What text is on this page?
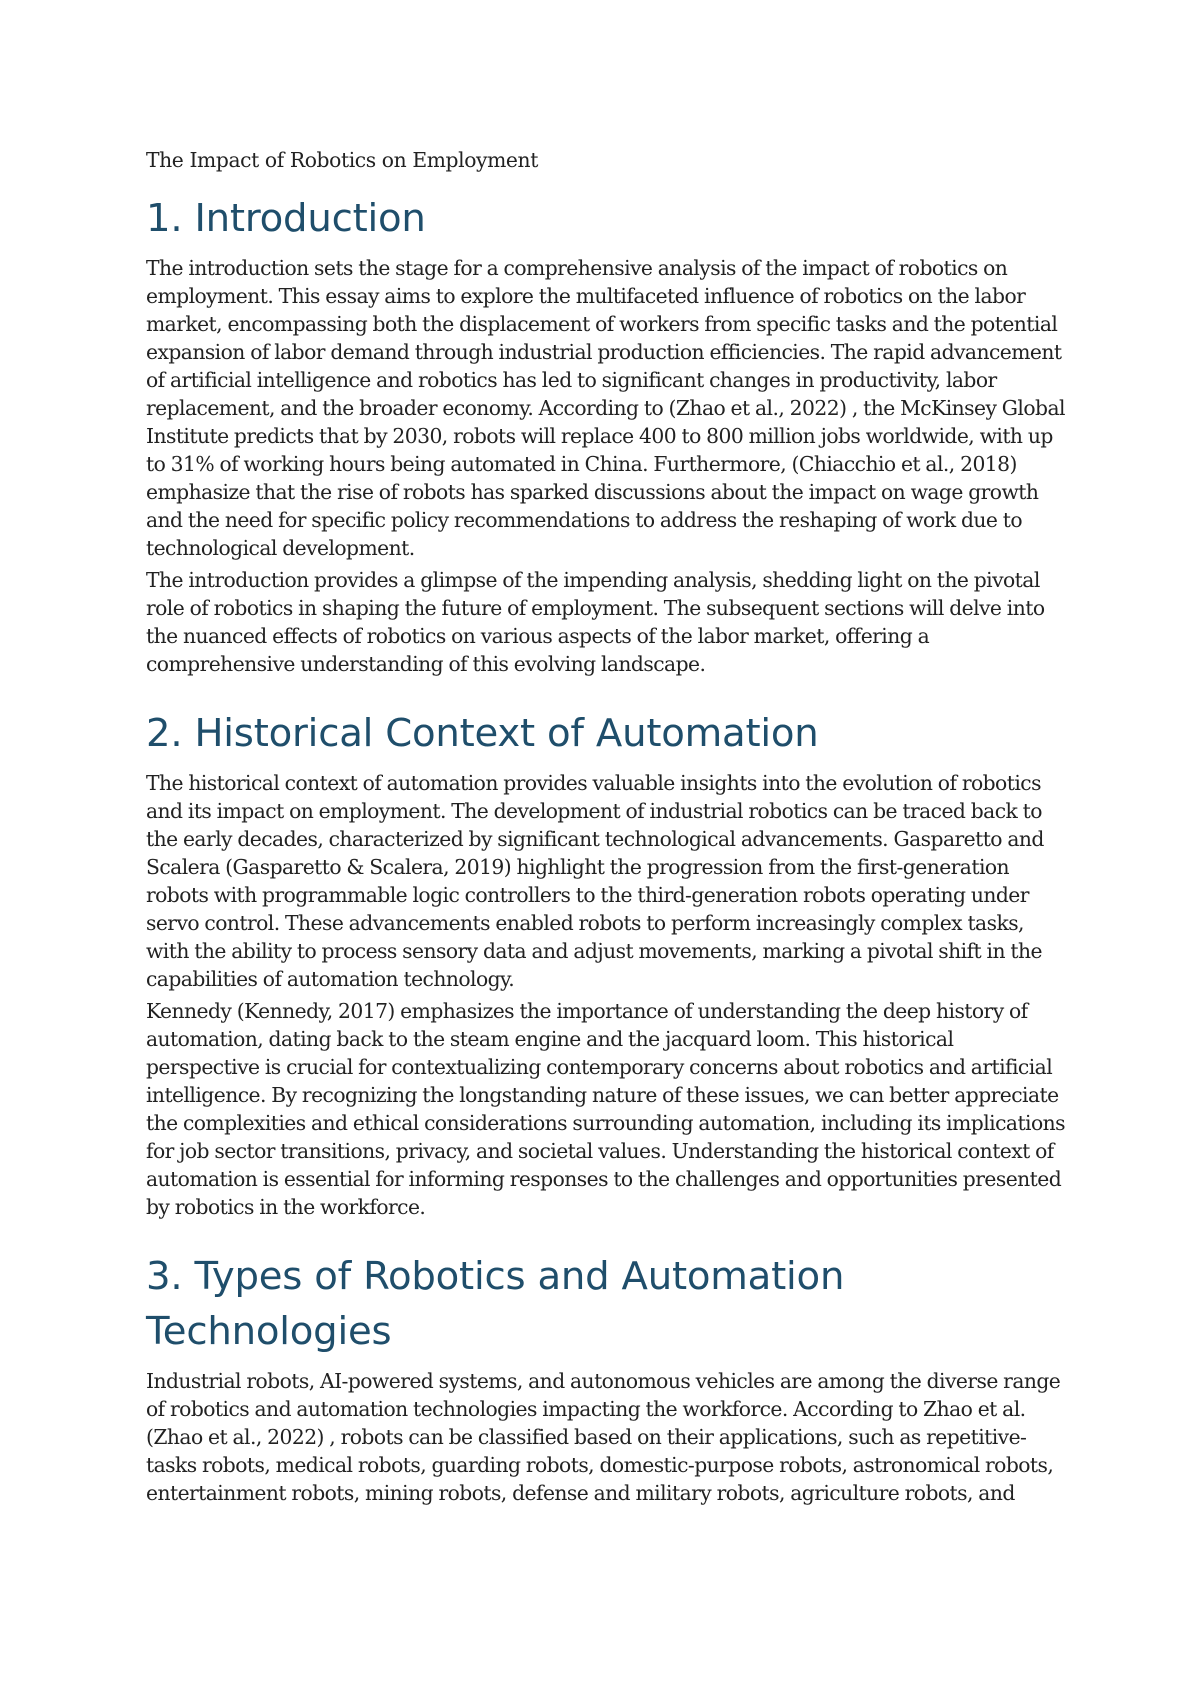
The Impact of Robotics on Employment
1. Introduction

The introduction sets the stage for a comprehensive analysis of the impact of robotics on employment. This essay aims to explore the multifaceted influence of robotics on the labor market, encompassing both the displacement of workers from specific tasks and the potential expansion of labor demand through industrial production efficiencies. The rapid advancement of artificial intelligence and robotics has led to significant changes in productivity, labor replacement, and the broader economy. According to (Zhao et al., 2022) , the McKinsey Global Institute predicts that by 2030, robots will replace 400 to 800 million jobs worldwide, with up to 31% of working hours being automated in China. Furthermore, (Chiacchio et al., 2018) emphasize that the rise of robots has sparked discussions about the impact on wage growth and the need for specific policy recommendations to address the reshaping of work due to technological development.

The introduction provides a glimpse of the impending analysis, shedding light on the pivotal role of robotics in shaping the future of employment. The subsequent sections will delve into the nuanced effects of robotics on various aspects of the labor market, offering a comprehensive understanding of this evolving landscape.

2. Historical Context of Automation

The historical context of automation provides valuable insights into the evolution of robotics and its impact on employment. The development of industrial robotics can be traced back to the early decades, characterized by significant technological advancements. Gasparetto and Scalera (Gasparetto & Scalera, 2019) highlight the progression from the first-generation robots with programmable logic controllers to the third-generation robots operating under servo control. These advancements enabled robots to perform increasingly complex tasks, with the ability to process sensory data and adjust movements, marking a pivotal shift in the capabilities of automation technology.

Kennedy (Kennedy, 2017) emphasizes the importance of understanding the deep history of automation, dating back to the steam engine and the jacquard loom. This historical perspective is crucial for contextualizing contemporary concerns about robotics and artificial intelligence. By recognizing the longstanding nature of these issues, we can better appreciate the complexities and ethical considerations surrounding automation, including its implications for job sector transitions, privacy, and societal values. Understanding the historical context of automation is essential for informing responses to the challenges and opportunities presented by robotics in the workforce.

3. Types of Robotics and Automation Technologies

Industrial robots, AI-powered systems, and autonomous vehicles are among the diverse range of robotics and automation technologies impacting the workforce. According to Zhao et al. (Zhao et al., 2022) , robots can be classified based on their applications, such as repetitive-tasks robots, medical robots, guarding robots, domestic-purpose robots, astronomical robots, entertainment robots, mining robots, defense and military robots, agriculture robots, and
